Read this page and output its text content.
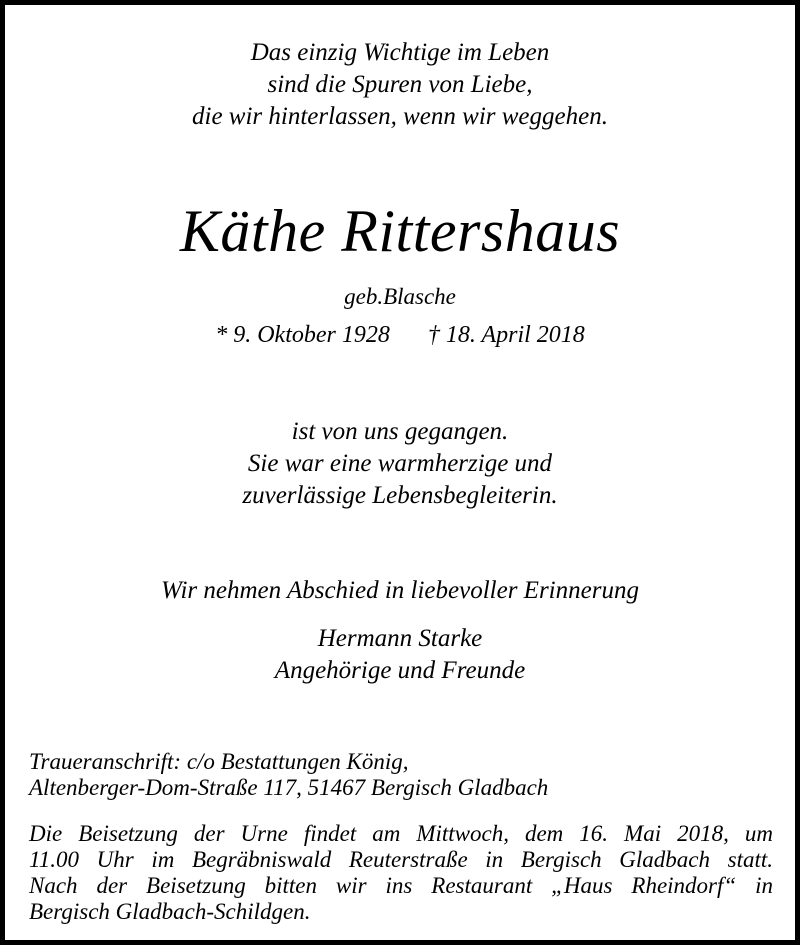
Das einzig Wichtige im Leben
sind die Spuren von Liebe,
die wir hinterlassen, wenn wir weggehen.
Käthe Rittershaus
geb.Blasche
* 9. Oktober 1928 † 18. April 2018
ist von uns gegangen.
Sie war eine warmherzige und
zuverlässige Lebensbegleiterin.
Wir nehmen Abschied in liebevoller Erinnerung
Hermann Starke
Angehörige und Freunde
Traueranschrift: c/o Bestattungen König,
Altenberger-Dom-Straße 117, 51467 Bergisch Gladbach
Die Beisetzung der Urne findet am Mittwoch, dem 16. Mai 2018, um
11.00 Uhr im Begräbniswald Reuterstraße in Bergisch Gladbach statt.
Nach der Beisetzung bitten wir ins Restaurant „Haus Rheindorf“ in
Bergisch Gladbach-Schildgen.
